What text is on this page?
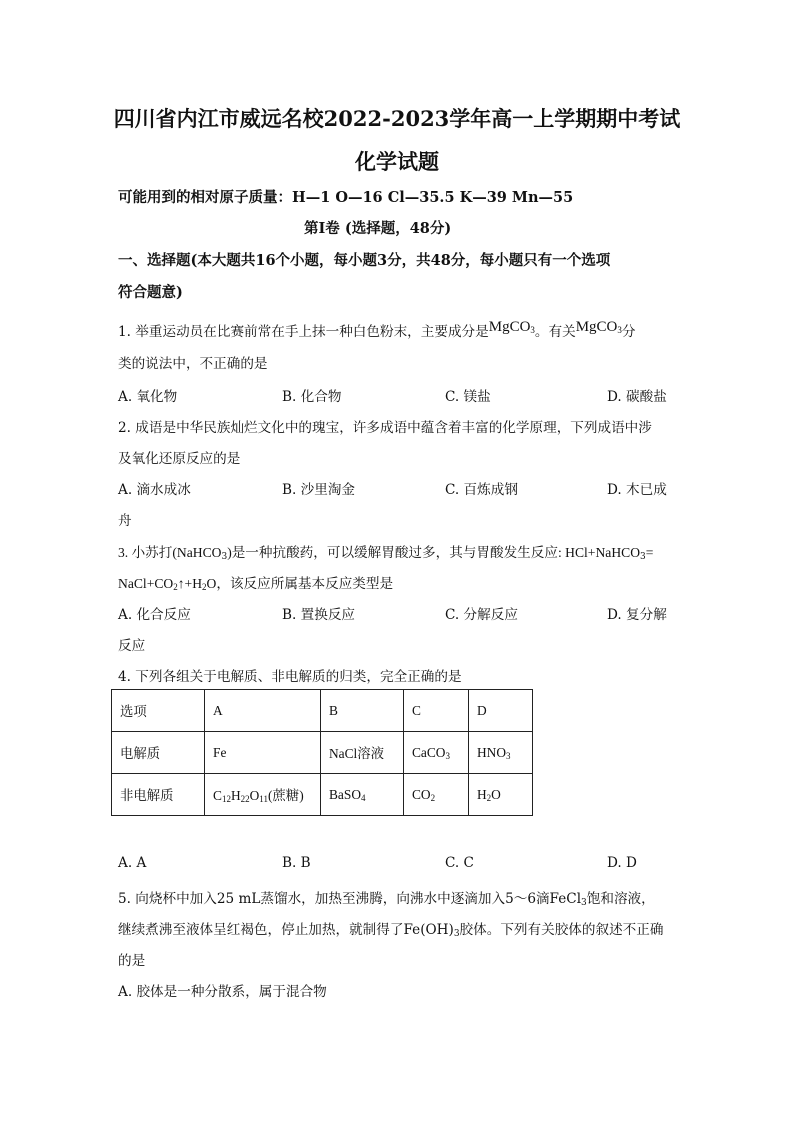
四川省内江市威远名校2022-2023学年高一上学期期中考试
化学试题
可能用到的相对原子质量：H—1 O—16 Cl—35.5 K—39 Mn—55
第Ⅰ卷 (选择题，48分)
一、选择题(本大题共16个小题，每小题3分，共48分，每小题只有一个选项
符合题意)
1. 举重运动员在比赛前常在手上抹一种白色粉末，主要成分是MgCO$_3$。有关MgCO$_3$分
类的说法中，不正确的是
A. 氧化物	B. 化合物	C. 镁盐	D. 碳酸盐
2. 成语是中华民族灿烂文化中的瑰宝，许多成语中蕴含着丰富的化学原理，下列成语中涉
及氧化还原反应的是
A. 滴水成冰	B. 沙里淘金	C. 百炼成钢	D. 木已成
舟
3. 小苏打(NaHCO$_3$)是一种抗酸药，可以缓解胃酸过多，其与胃酸发生反应: HCl+NaHCO$_3$=
$NaCl+CO_2↑+H_2O$，该反应所属基本反应类型是
A. 化合反应	B. 置换反应	C. 分解反应	D. 复分解
反应
4. 下列各组关于电解质、非电解质的归类，完全正确的是
选项	A	B	C	D
电解质	Fe	NaCl溶液	CaCO$_3$	$HNO_3$
非电解质	$C_{12}H_{22}O_{11}$(蔗糖)	BaSO$_4$	$CO_2$	$H_2O$
A. A	B. B	C. C	D. D
5. 向烧杯中加入25 mL蒸馏水，加热至沸腾，向沸水中逐滴加入5～6滴FeCl$_3$饱和溶液，
继续煮沸至液体呈红褐色，停止加热，就制得了$Fe(OH)_3$胶体。下列有关胶体的叙述不正确
的是
A. 胶体是一种分散系，属于混合物
